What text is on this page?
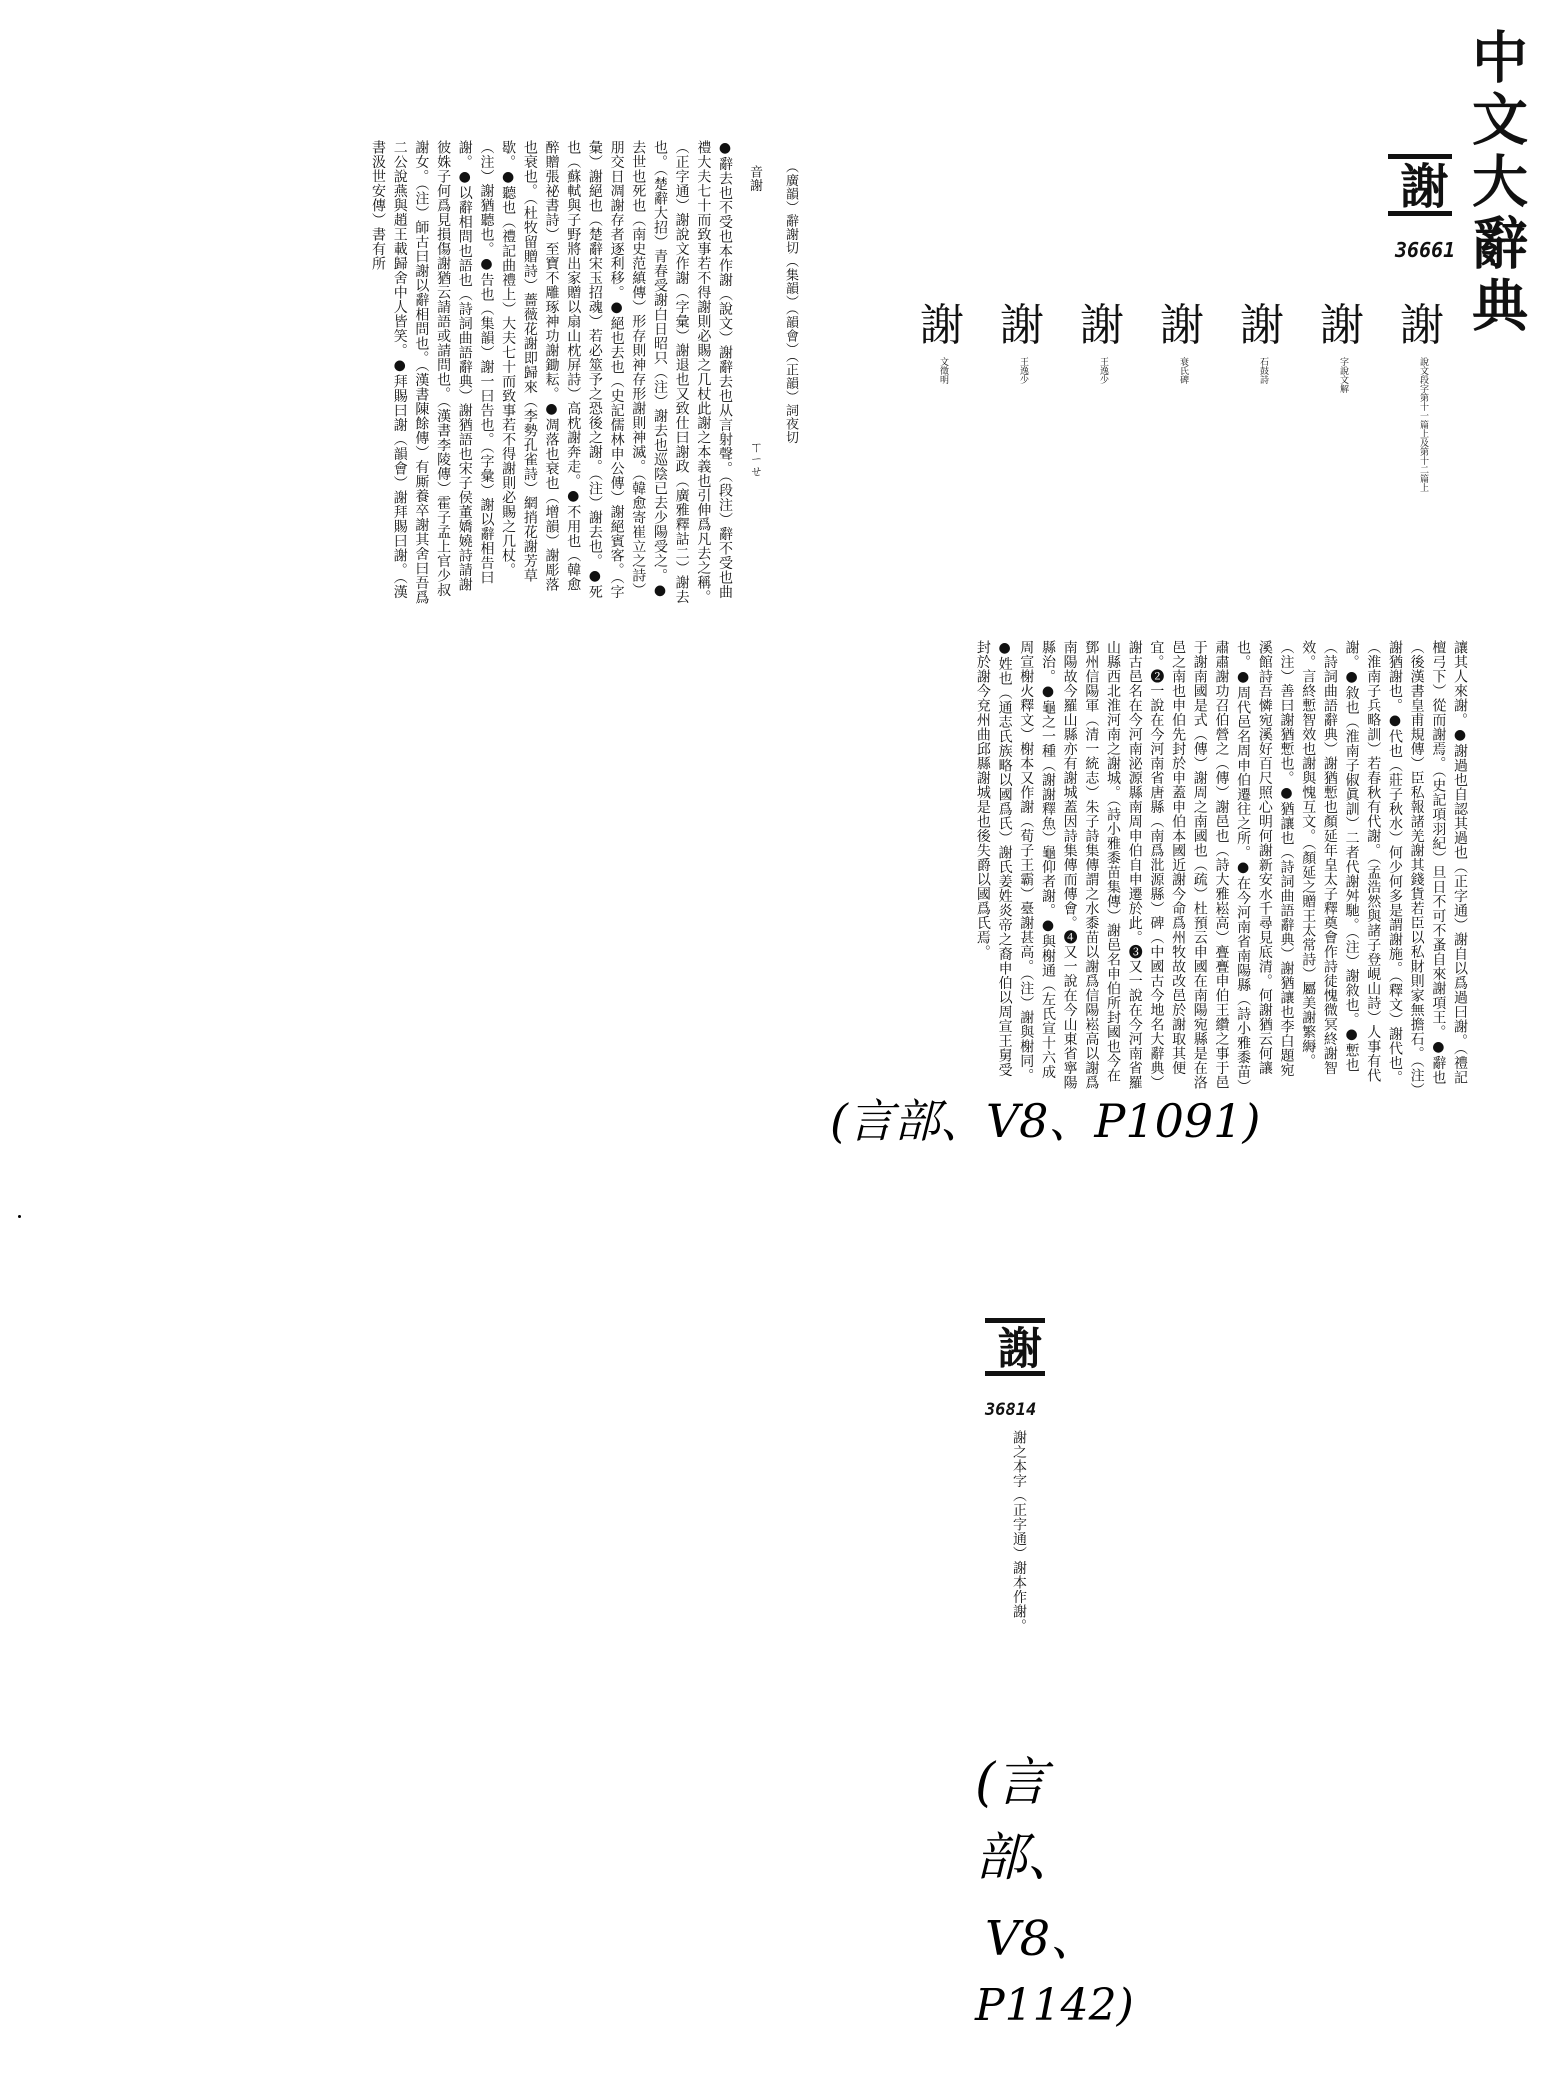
中文大辭典
謝
36661
謝
說文段字第十一篇上及第十二篇上
謝
字說文解
謝
石鼓詩
謝
衰氏碑
謝
王逸少
謝
王逸少
謝
文徵明
讓其人來謝。●謝過也自認其過也（正字通）謝自以爲過曰謝。（禮記檀弓下）從而謝焉。（史記項羽紀）旦日不可不蚤自來謝項王。●辭也（後漢書皇甫規傳）臣私報諸羌謝其錢貨若臣以私財則家無擔石。（注）謝猶謝也。●代也（莊子秋水）何少何多是謂謝施。（釋文）謝代也。（淮南子兵略訓）若春秋有代謝。（孟浩然與諸子登峴山詩）人事有代謝。●敘也（淮南子俶眞訓）二者代謝舛馳。（注）謝敘也。●慙也（詩詞曲語辭典）謝猶慙也顏延年皇太子釋奠會作詩徒愧微冥終謝智效。言終慙智效也謝與愧互文。（顏延之贈王太常詩）屬美謝繁縟。（注）善曰謝猶慙也。●猶讓也（詩詞曲語辭典）謝猶讓也李白題宛溪館詩吾憐宛溪好百尺照心明何謝新安水千尋見底清。何謝猶云何讓也。●周代邑名周申伯遷往之所。●在今河南省南陽縣（詩小雅黍苗）肅肅謝功召伯營之（傳）謝邑也（詩大雅崧高）亹亹申伯王纘之事于邑于謝南國是式（傳）謝周之南國也（疏）杜預云申國在南陽宛縣是在洛邑之南也申伯先封於申蓋申伯本國近謝今命爲州牧故改邑於謝取其便宜。❷一說在今河南省唐縣（南爲沘源縣）碑（中國古今地名大辭典）謝古邑名在今河南泌源縣南周申伯自申遷於此。❸又一說在今河南省羅山縣西北淮河南之謝城。（詩小雅黍苗集傳）謝邑名申伯所封國也今在鄧州信陽軍（清一統志）朱子詩集傳謂之水黍苗以謝爲信陽崧高以謝爲南陽故今羅山縣亦有謝城蓋因詩集傳而傳會。❹又一說在今山東省寧陽縣治。●龜之一種（謝謝釋魚）龜仰者謝。●與榭通（左氏宣十六成周宣榭火釋文）榭本又作謝（荀子王霸）臺謝甚高。（注）謝與榭同。●姓也（通志氏族略以國爲氏）謝氏姜姓炎帝之裔申伯以周宣王舅受封於謝今兗州曲邱縣謝城是也後失爵以國爲氏焉。
（廣韻）辭謝切（集韻）（韻會）（正韻）詞夜切
音謝
ㄒㄧㄝ
●辭去也不受也本作謝（說文）謝辭去也从言射聲。（段注）辭不受也曲禮大夫七十而致事若不得謝則必賜之几杖此謝之本義也引伸爲凡去之稱。（正字通）謝說文作謝（字彙）謝退也又致仕曰謝政（廣雅釋詁二）謝去也。（楚辭大招）青春受謝白日昭只（注）謝去也巡陰已去少陽受之。●去世也死也（南史范縝傳）形存則神存形謝則神滅。（韓愈寄崔立之詩）朋交日凋謝存者逐利移。●絕也去也（史記儒林申公傳）謝絕賓客。（字彙）謝絕也（楚辭宋玉招魂）若必筮予之恐後之謝。（注）謝去也。●死也（蘇軾與子野將出家贈以扇山枕屏詩）高枕謝奔走。●不用也（韓愈醉贈張祕書詩）至寶不雕琢神功謝鋤耘。●凋落也衰也（增韻）謝彫落也衰也。（杜牧留贈詩）薔薇花謝即歸來（李勢孔雀詩）網捎花謝芳草歇。●聽也（禮記曲禮上）大夫七十而致事若不得謝則必賜之几杖。（注）謝猶聽也。●告也（集韻）謝一曰告也。（字彙）謝以辭相告曰謝。●以辭相問也語也（詩詞曲語辭典）謝猶語也宋子侯董嬌嬈詩請謝彼姝子何爲見損傷謝猶云請語或請問也。（漢書李陵傳）霍子孟上官少叔謝女。（注）師古曰謝以辭相問也。（漢書陳餘傳）有厮養卒謝其舍曰吾爲二公說燕與趙王載歸舍中人皆笑。●拜賜曰謝（韻會）謝拜賜曰謝。（漢書汲世安傳）書有所
(言部、V8、P1091)
謝
36814
謝之本字（正字通）謝本作謝。
(言
部、
V8、
P1142)
